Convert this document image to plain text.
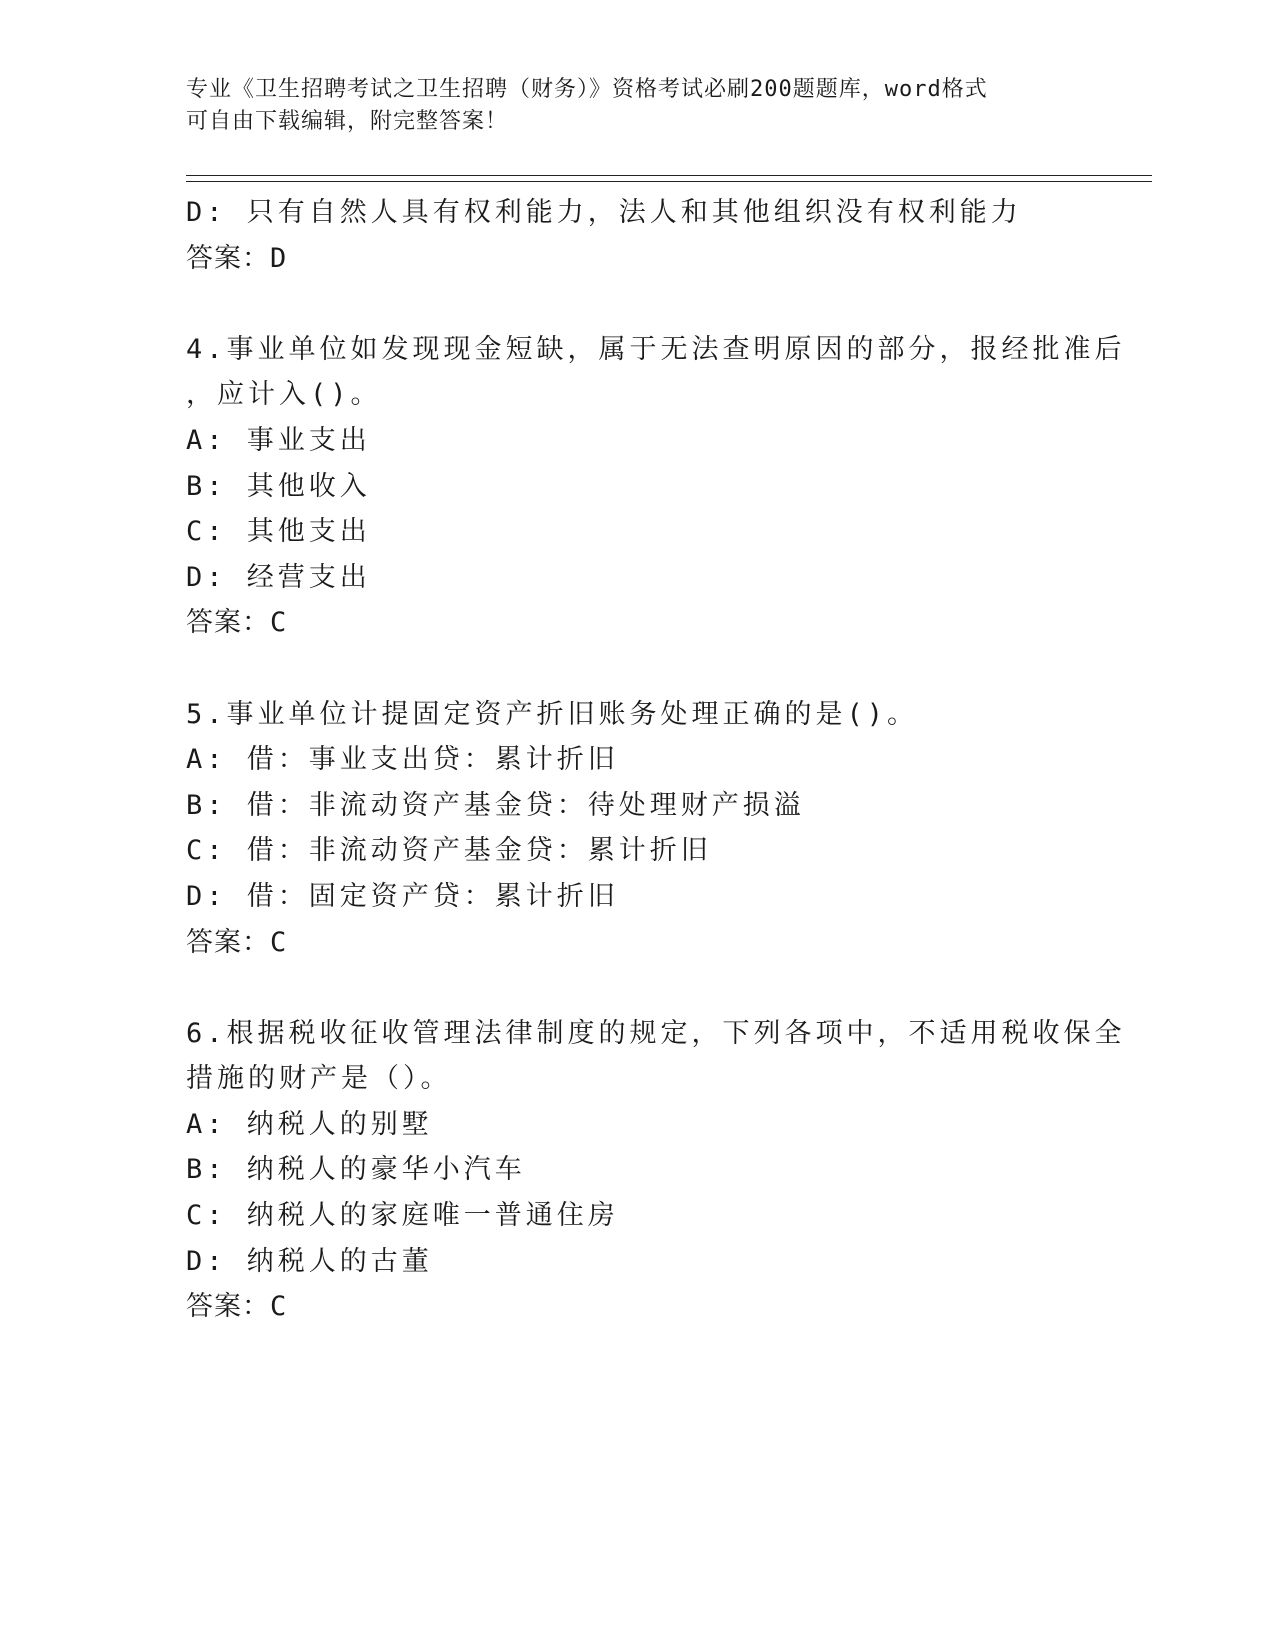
专业《卫生招聘考试之卫生招聘（财务）》资格考试必刷200题题库，word格式
可自由下载编辑，附完整答案！
D: 只有自然人具有权利能力，法人和其他组织没有权利能力
答案：D
4.事业单位如发现现金短缺，属于无法查明原因的部分，报经批准后
，应计入()。
A: 事业支出
B: 其他收入
C: 其他支出
D: 经营支出
答案：C
5.事业单位计提固定资产折旧账务处理正确的是()。
A: 借：事业支出贷：累计折旧
B: 借：非流动资产基金贷：待处理财产损溢
C: 借：非流动资产基金贷：累计折旧
D: 借：固定资产贷：累计折旧
答案：C
6.根据税收征收管理法律制度的规定，下列各项中，不适用税收保全
措施的财产是（）。
A: 纳税人的别墅
B: 纳税人的豪华小汽车
C: 纳税人的家庭唯一普通住房
D: 纳税人的古董
答案：C
